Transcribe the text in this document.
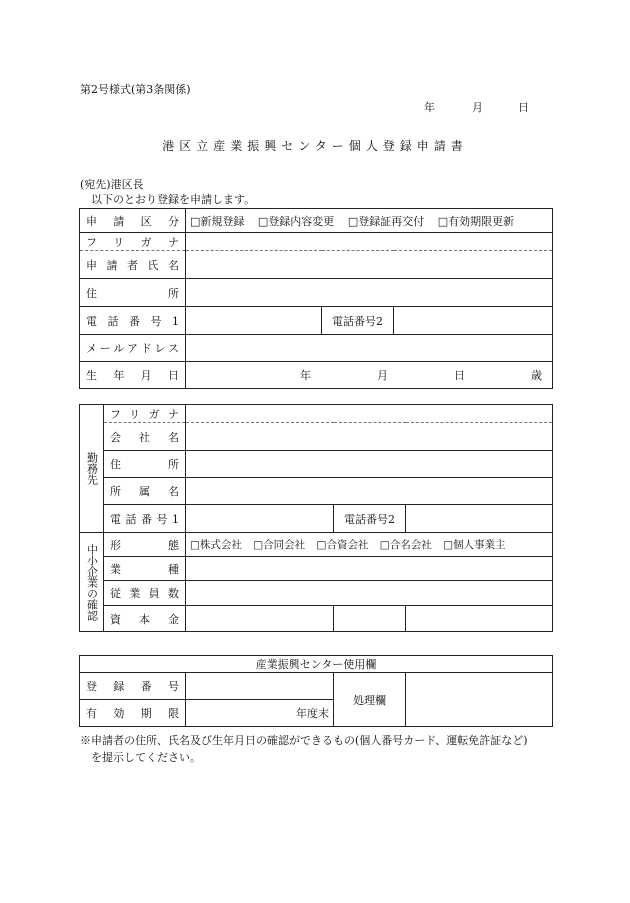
第2号様式(第3条関係)
年	月	日
港区立産業振興センター個人登録申請書
(宛先)港区長
以下のとおり登録を申請します。
申請区分	□新規登録 □登録内容変更 □登録証再交付 □有効期限更新		
フリガナ			
申請者氏名			
住所			
電話番号1		電話番号2	
メールアドレス			
生年月日	年 月 日 歳		
勤務先	フリガナ			
	会社名			
	住所			
	所属名			
	電話番号1		電話番号2	
中小企業の確認	形態	□株式会社 □合同会社 □合資会社 □合名会社 □個人事業主		
	業種			
	従業員数			
	資本金			
産業振興センター使用欄			
登録番号		処理欄	
有効期限	年度末		
※申請者の住所、氏名及び生年月日の確認ができるもの(個人番号カード、運転免許証など)
を提示してください。
